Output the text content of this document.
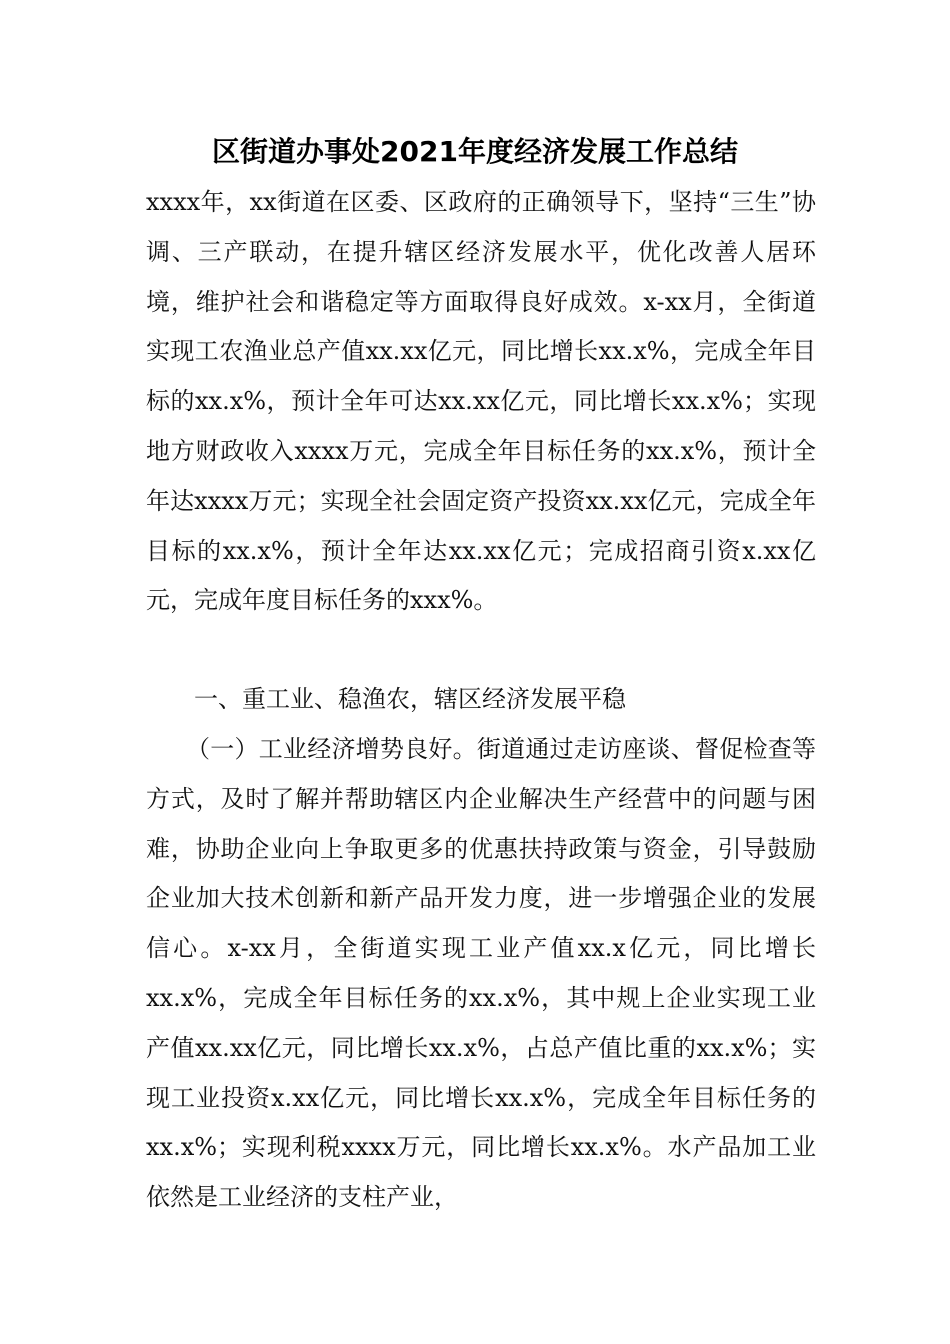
区街道办事处2021年度经济发展工作总结

xxxx年，xx街道在区委、区政府的正确领导下，坚持“三生”协调、三产联动，在提升辖区经济发展水平，优化改善人居环境，维护社会和谐稳定等方面取得良好成效。x-xx月，全街道实现工农渔业总产值xx.xx亿元，同比增长xx.x%，完成全年目标的xx.x%，预计全年可达xx.xx亿元，同比增长xx.x%；实现地方财政收入xxxx万元，完成全年目标任务的xx.x%，预计全年达xxxx万元；实现全社会固定资产投资xx.xx亿元，完成全年目标的xx.x%，预计全年达xx.xx亿元；完成招商引资x.xx亿元，完成年度目标任务的xxx%。

一、重工业、稳渔农，辖区经济发展平稳

（一）工业经济增势良好。街道通过走访座谈、督促检查等方式，及时了解并帮助辖区内企业解决生产经营中的问题与困难，协助企业向上争取更多的优惠扶持政策与资金，引导鼓励企业加大技术创新和新产品开发力度，进一步增强企业的发展信心。x-xx月，全街道实现工业产值xx.x亿元，同比增长xx.x%，完成全年目标任务的xx.x%，其中规上企业实现工业产值xx.xx亿元，同比增长xx.x%，占总产值比重的xx.x%；实现工业投资x.xx亿元，同比增长xx.x%，完成全年目标任务的xx.x%；实现利税xxxx万元，同比增长xx.x%。水产品加工业依然是工业经济的支柱产业，
